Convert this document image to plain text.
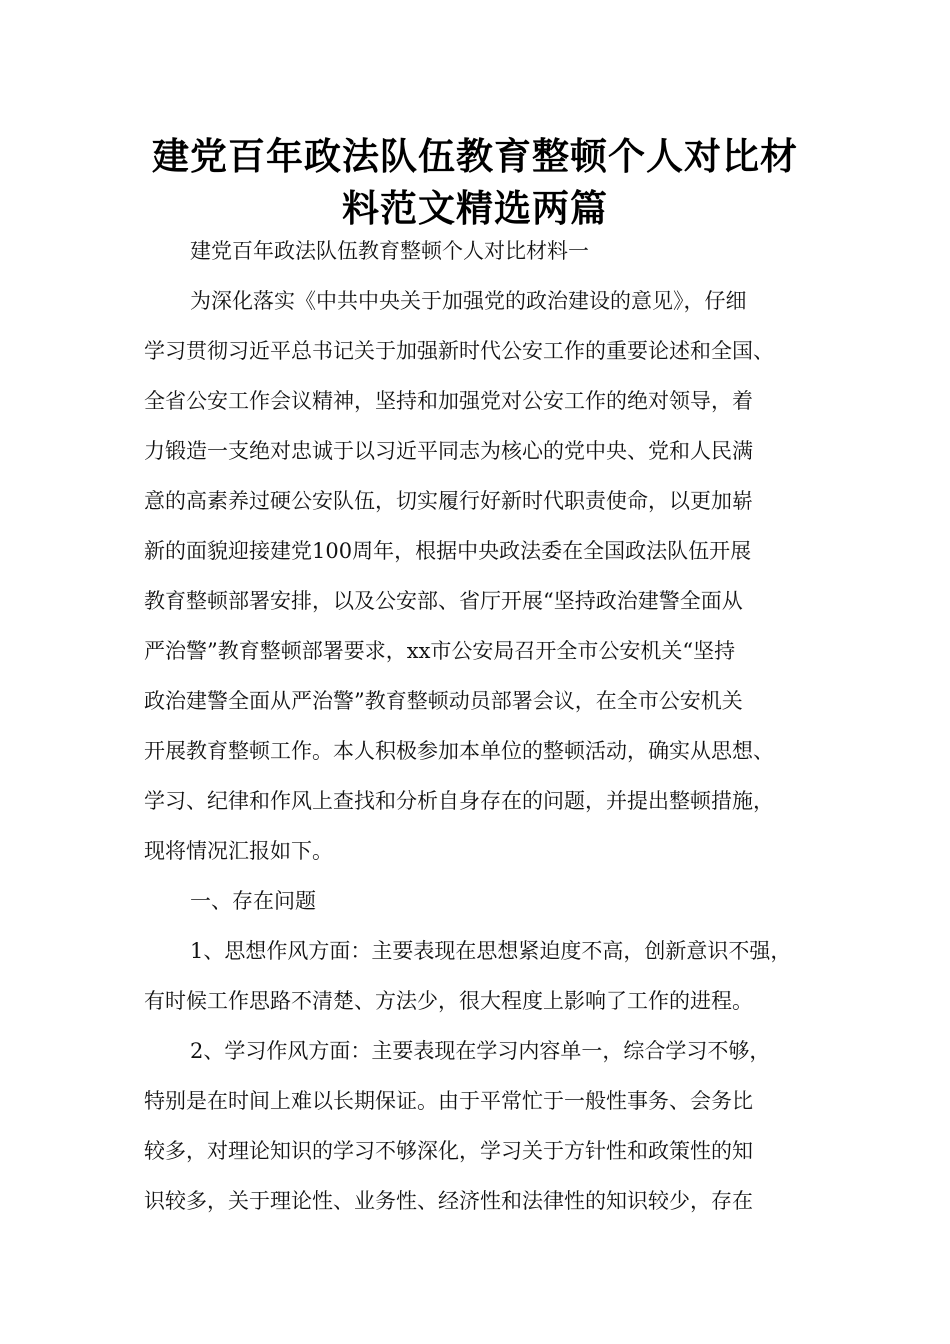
建党百年政法队伍教育整顿个人对比材
料范文精选两篇
建党百年政法队伍教育整顿个人对比材料一
为深化落实《中共中央关于加强党的政治建设的意见》，仔细
学习贯彻习近平总书记关于加强新时代公安工作的重要论述和全国、
全省公安工作会议精神，坚持和加强党对公安工作的绝对领导，着
力锻造一支绝对忠诚于以习近平同志为核心的党中央、党和人民满
意的高素养过硬公安队伍，切实履行好新时代职责使命，以更加崭
新的面貌迎接建党100周年，根据中央政法委在全国政法队伍开展
教育整顿部署安排，以及公安部、省厅开展“坚持政治建警全面从
严治警”教育整顿部署要求，xx市公安局召开全市公安机关“坚持
政治建警全面从严治警”教育整顿动员部署会议，在全市公安机关
开展教育整顿工作。本人积极参加本单位的整顿活动，确实从思想、
学习、纪律和作风上查找和分析自身存在的问题，并提出整顿措施，
现将情况汇报如下。
一、存在问题
1、思想作风方面：主要表现在思想紧迫度不高，创新意识不强，
有时候工作思路不清楚、方法少，很大程度上影响了工作的进程。
2、学习作风方面：主要表现在学习内容单一，综合学习不够，
特别是在时间上难以长期保证。由于平常忙于一般性事务、会务比
较多，对理论知识的学习不够深化，学习关于方针性和政策性的知
识较多，关于理论性、业务性、经济性和法律性的知识较少，存在
